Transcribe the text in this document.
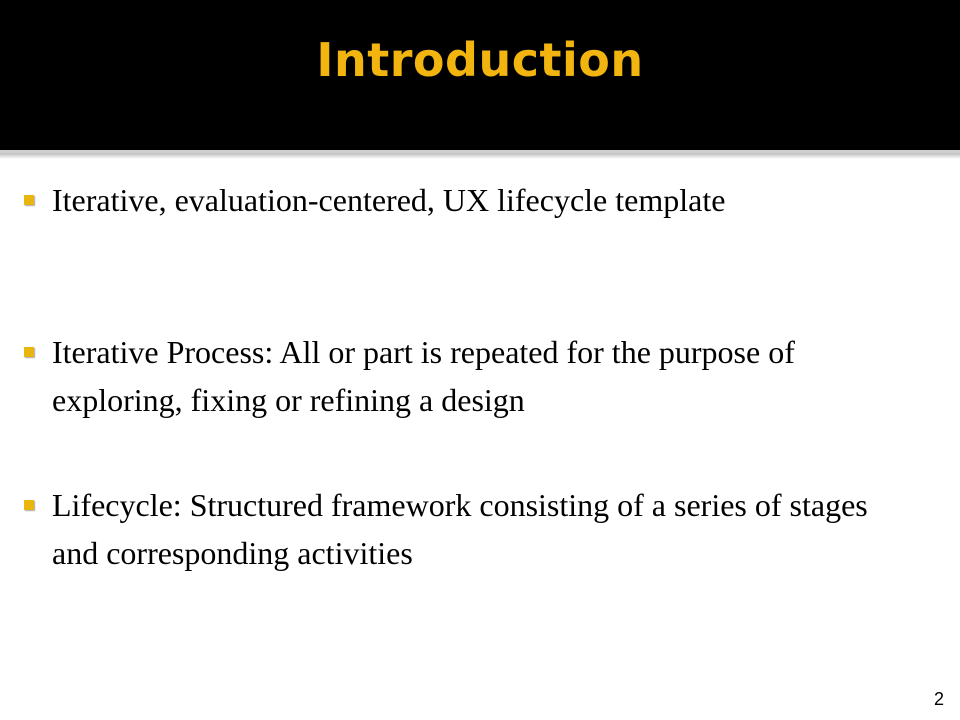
Introduction
Iterative, evaluation-centered, UX lifecycle template
Iterative Process: All or part is repeated for the purpose of exploring, fixing or refining a design
Lifecycle: Structured framework consisting of a series of stages and corresponding activities
2
